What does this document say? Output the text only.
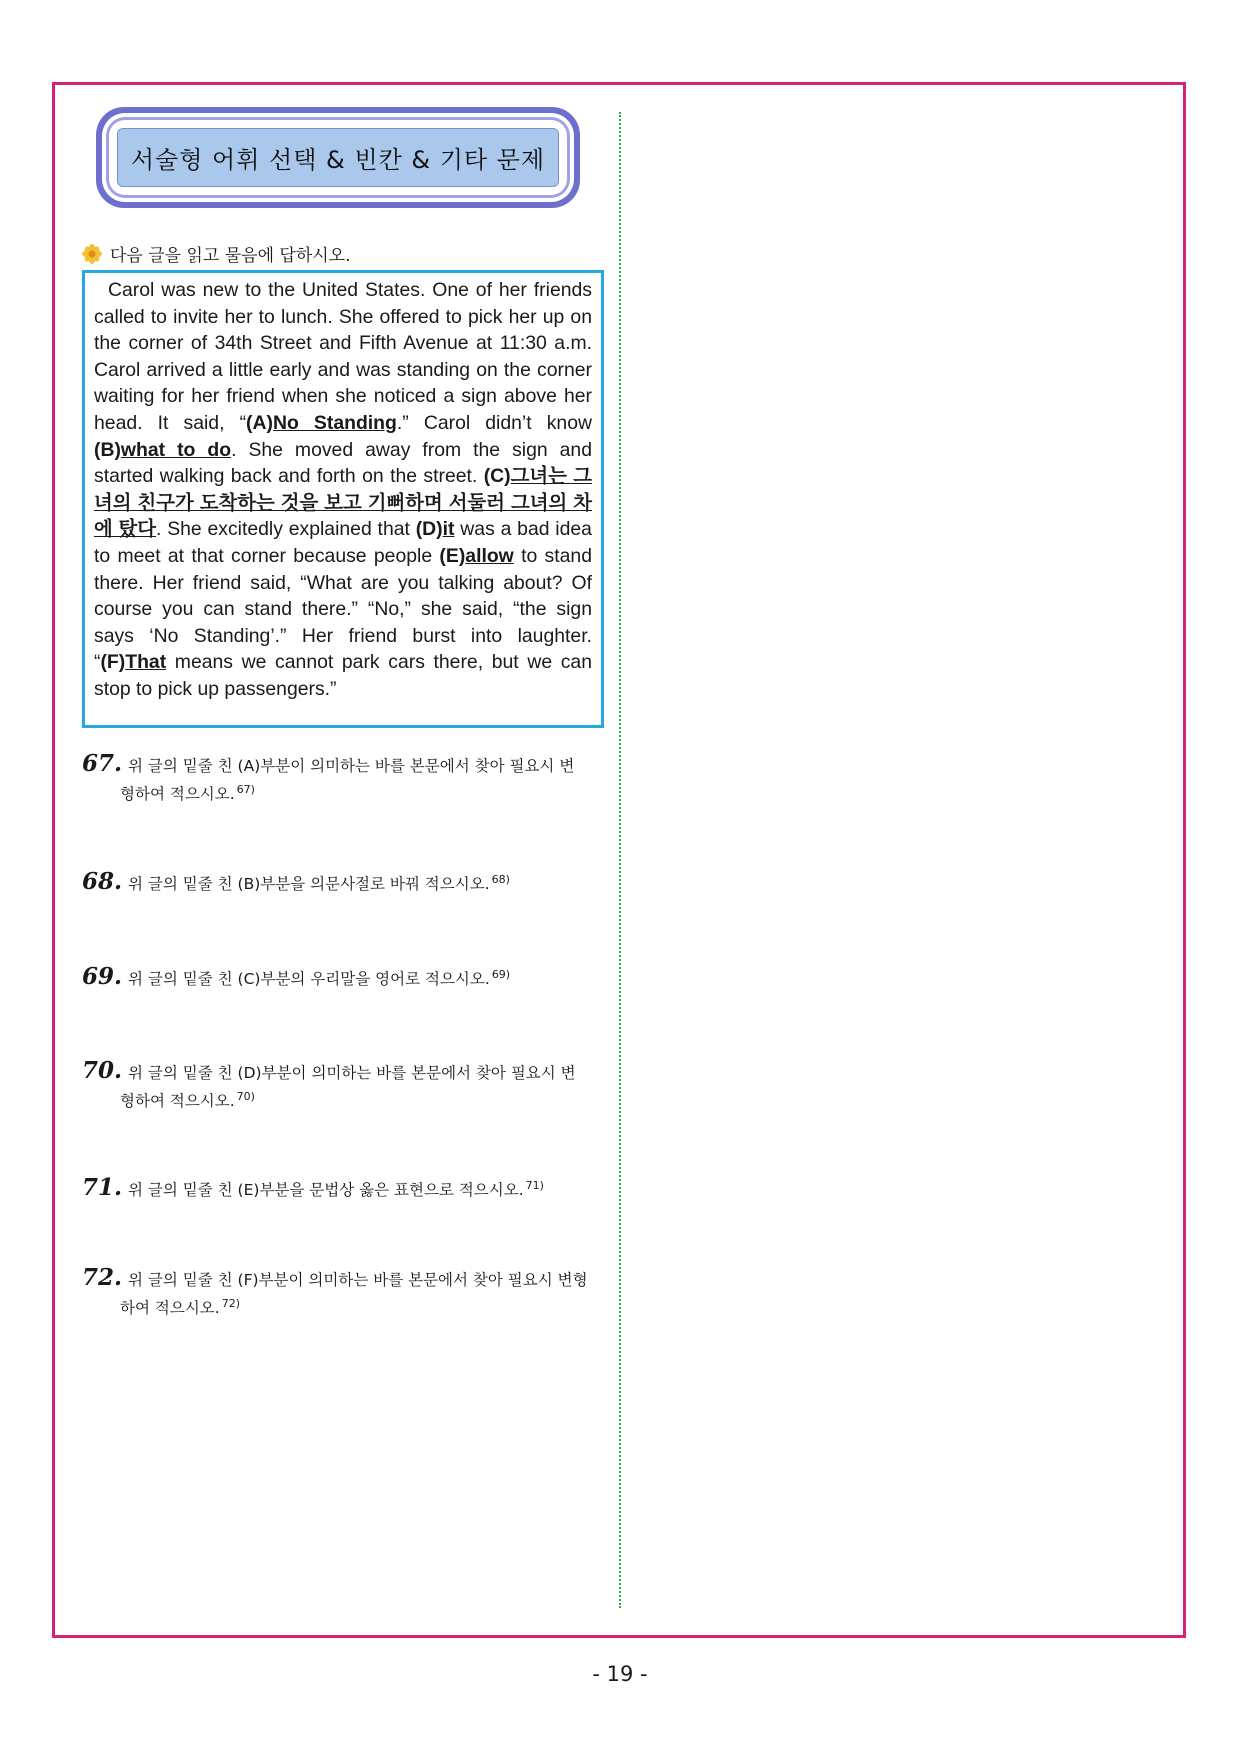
서술형 어휘 선택 & 빈칸 & 기타 문제
다음 글을 읽고 물음에 답하시오.
Carol was new to the United States. One of her friends called to invite her to lunch. She offered to pick her up on the corner of 34th Street and Fifth Avenue at 11:30 a.m. Carol arrived a little early and was standing on the corner waiting for her friend when she noticed a sign above her head. It said, “(A)No Standing.” Carol didn’t know (B)what to do. She moved away from the sign and started walking back and forth on the street. (C)그녀는 그녀의 친구가 도착하는 것을 보고 기뻐하며 서둘러 그녀의 차에 탔다. She excitedly explained that (D)it was a bad idea to meet at that corner because people (E)allow to stand there. Her friend said, “What are you talking about? Of course you can stand there.” “No,” she said, “the sign says ‘No Standing’.” Her friend burst into laughter. “(F)That means we cannot park cars there, but we can stop to pick up passengers.”
67. 위 글의 밑줄 친 (A)부분이 의미하는 바를 본문에서 찾아 필요시 변
형하여 적으시오. $^{67)}$
68. 위 글의 밑줄 친 (B)부분을 의문사절로 바꿔 적으시오. $^{68)}$
69. 위 글의 밑줄 친 (C)부분의 우리말을 영어로 적으시오. $^{69)}$
70. 위 글의 밑줄 친 (D)부분이 의미하는 바를 본문에서 찾아 필요시 변
형하여 적으시오. $^{70)}$
71. 위 글의 밑줄 친 (E)부분을 문법상 옳은 표현으로 적으시오. $^{71)}$
72. 위 글의 밑줄 친 (F)부분이 의미하는 바를 본문에서 찾아 필요시 변형
하여 적으시오. $^{72)}$
- 19 -
